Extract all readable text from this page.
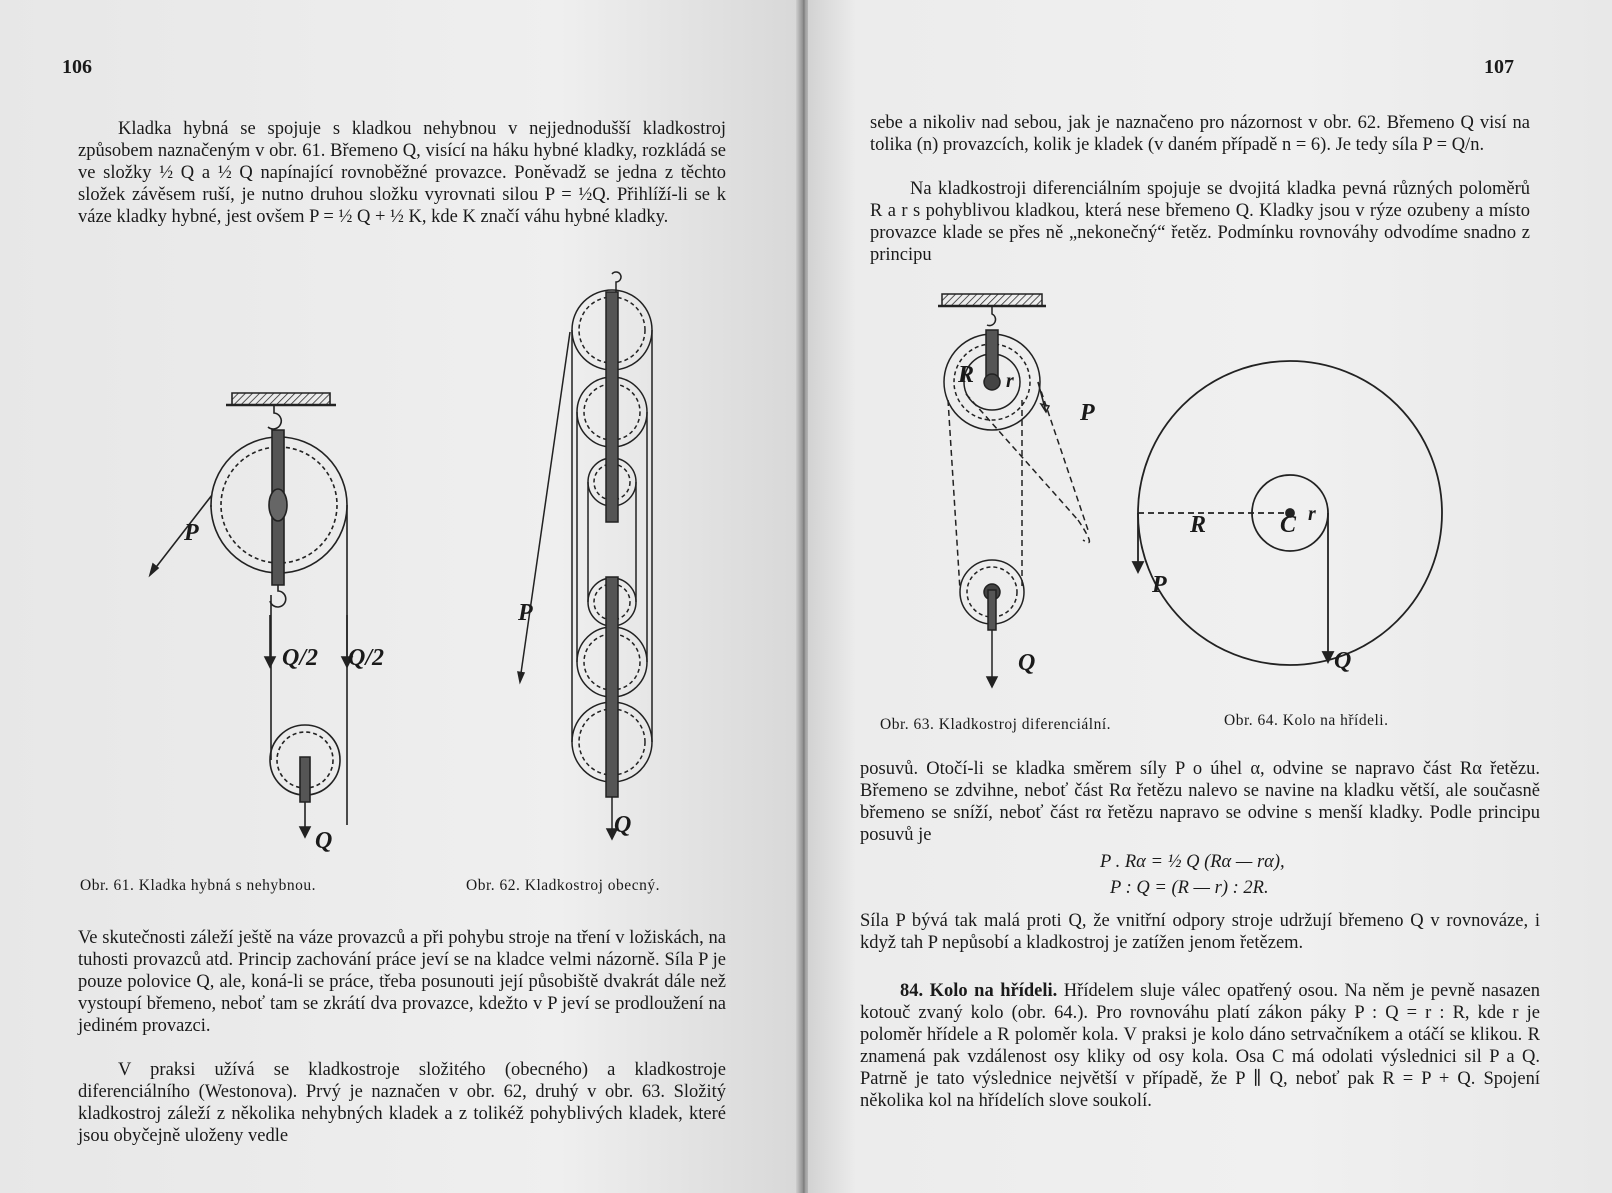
106
Kladka hybná se spojuje s kladkou nehybnou v nejjednodušší kladkostroj způsobem naznačeným v obr. 61. Břemeno Q, visící na háku hybné kladky, rozkládá se ve složky ½ Q a ½ Q napínající rovnoběžné provazce. Poněvadž se jedna z těchto složek závěsem ruší, je nutno druhou složku vyrovnati silou P = ½Q. Přihlíží-li se k váze kladky hybné, jest ovšem P = ½ Q + ½ K, kde K značí váhu hybné kladky.
P
Q/2 Q/2
Q
P
Q
Obr. 61. Kladka hybná s nehybnou.	Obr. 62. Kladkostroj obecný.
Ve skutečnosti záleží ještě na váze provazců a při pohybu stroje na tření v ložiskách, na tuhosti provazců atd. Princip zachování práce jeví se na kladce velmi názorně. Síla P je pouze polovice Q, ale, koná-li se práce, třeba posunouti její působiště dvakrát dále než vystoupí břemeno, neboť tam se zkrátí dva provazce, kdežto v P jeví se prodloužení na jediném provazci.
V praksi užívá se kladkostroje složitého (obecného) a kladkostroje diferenciálního (Westonova). Prvý je naznačen v obr. 62, druhý v obr. 63. Složitý kladkostroj záleží z několika nehybných kladek a z tolikéž pohyblivých kladek, které jsou obyčejně uloženy vedle
107
sebe a nikoliv nad sebou, jak je naznačeno pro názornost v obr. 62. Břemeno Q visí na tolika (n) provazcích, kolik je kladek (v daném případě n = 6). Je tedy síla P = Q/n.
Na kladkostroji diferenciálním spojuje se dvojitá kladka pevná různých poloměrů R a r s pohyblivou kladkou, která nese břemeno Q. Kladky jsou v rýze ozubeny a místo provazce klade se přes ně „nekonečný“ řetěz. Podmínku rovnováhy odvodíme snadno z principu
R r
P
Q
R	C r
P
Q
Obr. 63. Kladkostroj diferenciální.	Obr. 64. Kolo na hřídeli.
posuvů. Otočí-li se kladka směrem síly P o úhel α, odvine se napravo část Rα řetězu. Břemeno se zdvihne, neboť část Rα řetězu nalevo se navine na kladku větší, ale současně břemeno se sníží, neboť část rα řetězu napravo se odvine s menší kladky. Podle principu posuvů je
P . Rα = ½ Q (Rα — rα),
P : Q = (R — r) : 2R.
Síla P bývá tak malá proti Q, že vnitřní odpory stroje udržují břemeno Q v rovnováze, i když tah P nepůsobí a kladkostroj je zatížen jenom řetězem.
84. Kolo na hřídeli. Hřídelem sluje válec opatřený osou. Na něm je pevně nasazen kotouč zvaný kolo (obr. 64.). Pro rovnováhu platí zákon páky P : Q = r : R, kde r je poloměr hřídele a R poloměr kola. V praksi je kolo dáno setrvačníkem a otáčí se klikou. R znamená pak vzdálenost osy kliky od osy kola. Osa C má odolati výslednici sil P a Q. Patrně je tato výslednice největší v případě, že P ∥ Q, neboť pak R = P + Q. Spojení několika kol na hřídelích slove soukolí.
